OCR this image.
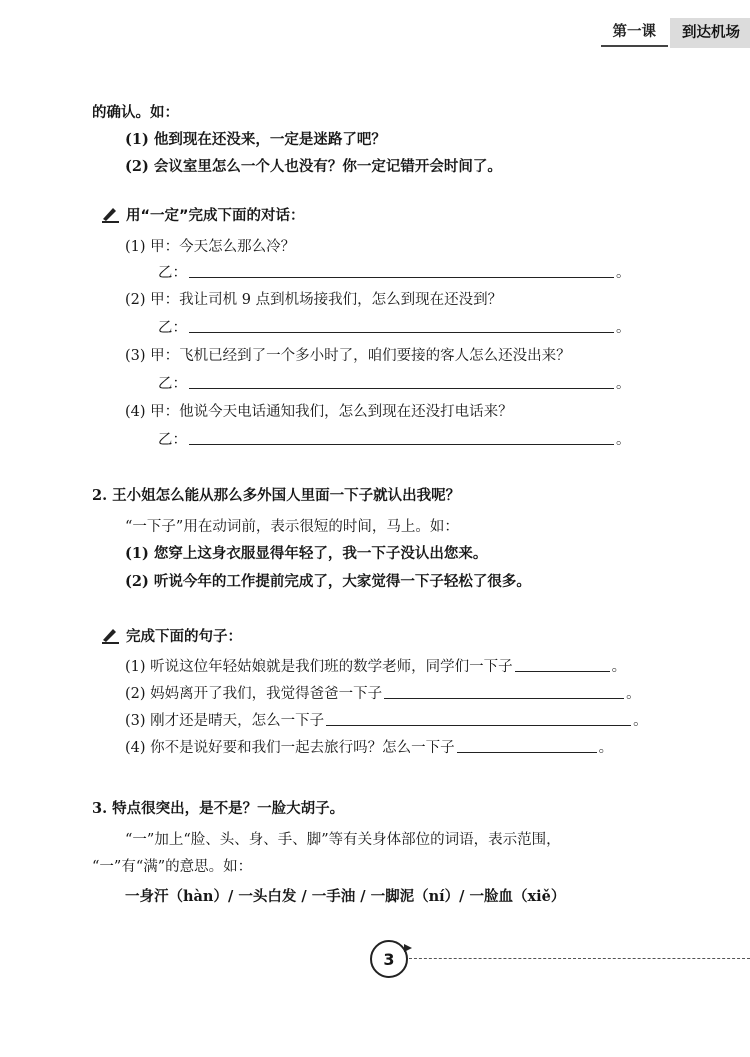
第一课	到达机场
的确认。如：
(1) 他到现在还没来，一定是迷路了吧？
(2) 会议室里怎么一个人也没有？你一定记错开会时间了。
用“一定”完成下面的对话：
(1) 甲：今天怎么那么冷？
乙：	。
(2) 甲：我让司机 9 点到机场接我们，怎么到现在还没到？
乙：	。
(3) 甲：飞机已经到了一个多小时了，咱们要接的客人怎么还没出来？
乙：	。
(4) 甲：他说今天电话通知我们，怎么到现在还没打电话来？
乙：	。
2. 王小姐怎么能从那么多外国人里面一下子就认出我呢？
“一下子”用在动词前，表示很短的时间，马上。如：
(1) 您穿上这身衣服显得年轻了，我一下子没认出您来。
(2) 听说今年的工作提前完成了，大家觉得一下子轻松了很多。
完成下面的句子：
(1) 听说这位年轻姑娘就是我们班的数学老师，同学们一下子	。
(2) 妈妈离开了我们，我觉得爸爸一下子	。
(3) 刚才还是晴天，怎么一下子	。
(4) 你不是说好要和我们一起去旅行吗？怎么一下子	。
3. 特点很突出，是不是？一脸大胡子。
“一”加上“脸、头、身、手、脚”等有关身体部位的词语，表示范围，
“一”有“满”的意思。如：
一身汗（hàn）/ 一头白发 / 一手油 / 一脚泥（ní）/ 一脸血（xiě）
3
